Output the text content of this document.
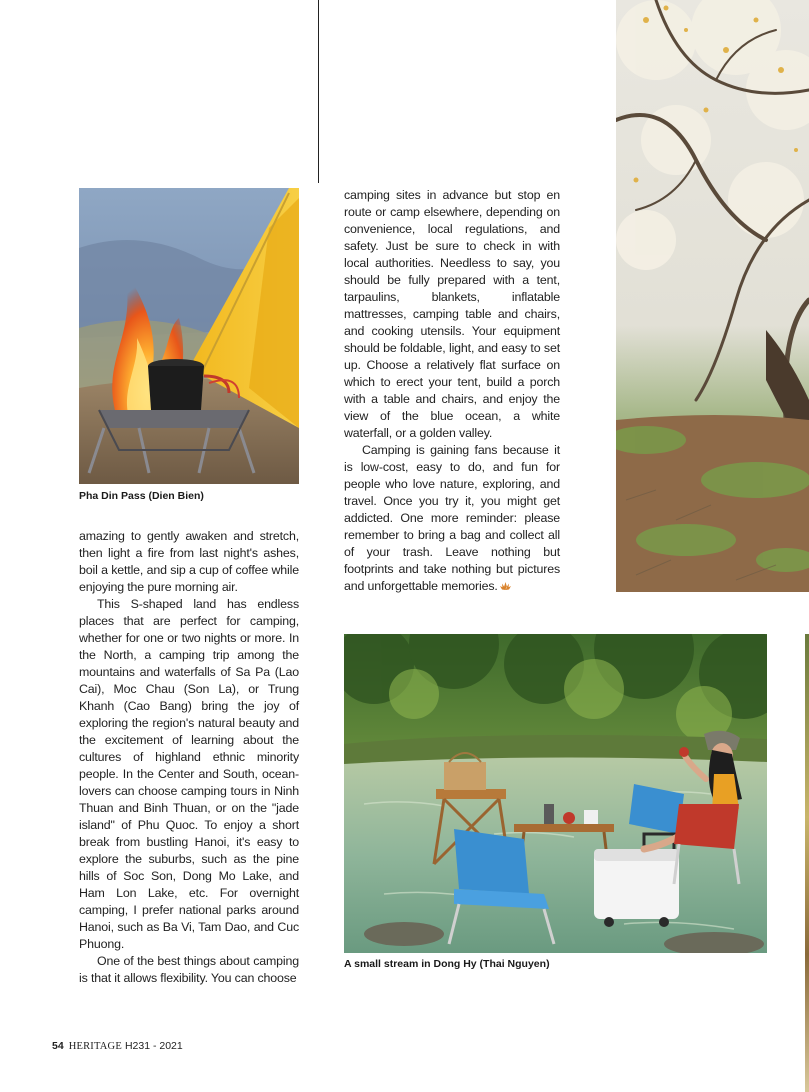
Pha Din Pass (Dien Bien)

camping sites in advance but stop en route or camp elsewhere, depending on convenience, local regulations, and safety. Just be sure to check in with local authorities. Needless to say, you should be fully prepared with a tent, tarpaulins, blankets, inflatable mattresses, camping table and chairs, and cooking utensils. Your equipment should be foldable, light, and easy to set up. Choose a relatively flat surface on which to erect your tent, build a porch with a table and chairs, and enjoy the view of the blue ocean, a white waterfall, or a golden valley.

Camping is gaining fans because it is low-cost, easy to do, and fun for people who love nature, exploring, and travel. Once you try it, you might get addicted. One more reminder: please remember to bring a bag and collect all of your trash. Leave nothing but footprints and take nothing but pictures and unforgettable memories.

amazing to gently awaken and stretch, then light a fire from last night's ashes, boil a kettle, and sip a cup of coffee while enjoying the pure morning air.

This S-shaped land has endless places that are perfect for camping, whether for one or two nights or more. In the North, a camping trip among the mountains and waterfalls of Sa Pa (Lao Cai), Moc Chau (Son La), or Trung Khanh (Cao Bang) bring the joy of exploring the region's natural beauty and the excitement of learning about the cultures of highland ethnic minority people. In the Center and South, ocean-lovers can choose camping tours in Ninh Thuan and Binh Thuan, or on the "jade island" of Phu Quoc. To enjoy a short break from bustling Hanoi, it's easy to explore the suburbs, such as the pine hills of Soc Son, Dong Mo Lake, and Ham Lon Lake, etc. For overnight camping, I prefer national parks around Hanoi, such as Ba Vi, Tam Dao, and Cuc Phuong.

One of the best things about camping is that it allows flexibility. You can choose

A small stream in Dong Hy (Thai Nguyen)
54 HERITAGE H231 - 2021
